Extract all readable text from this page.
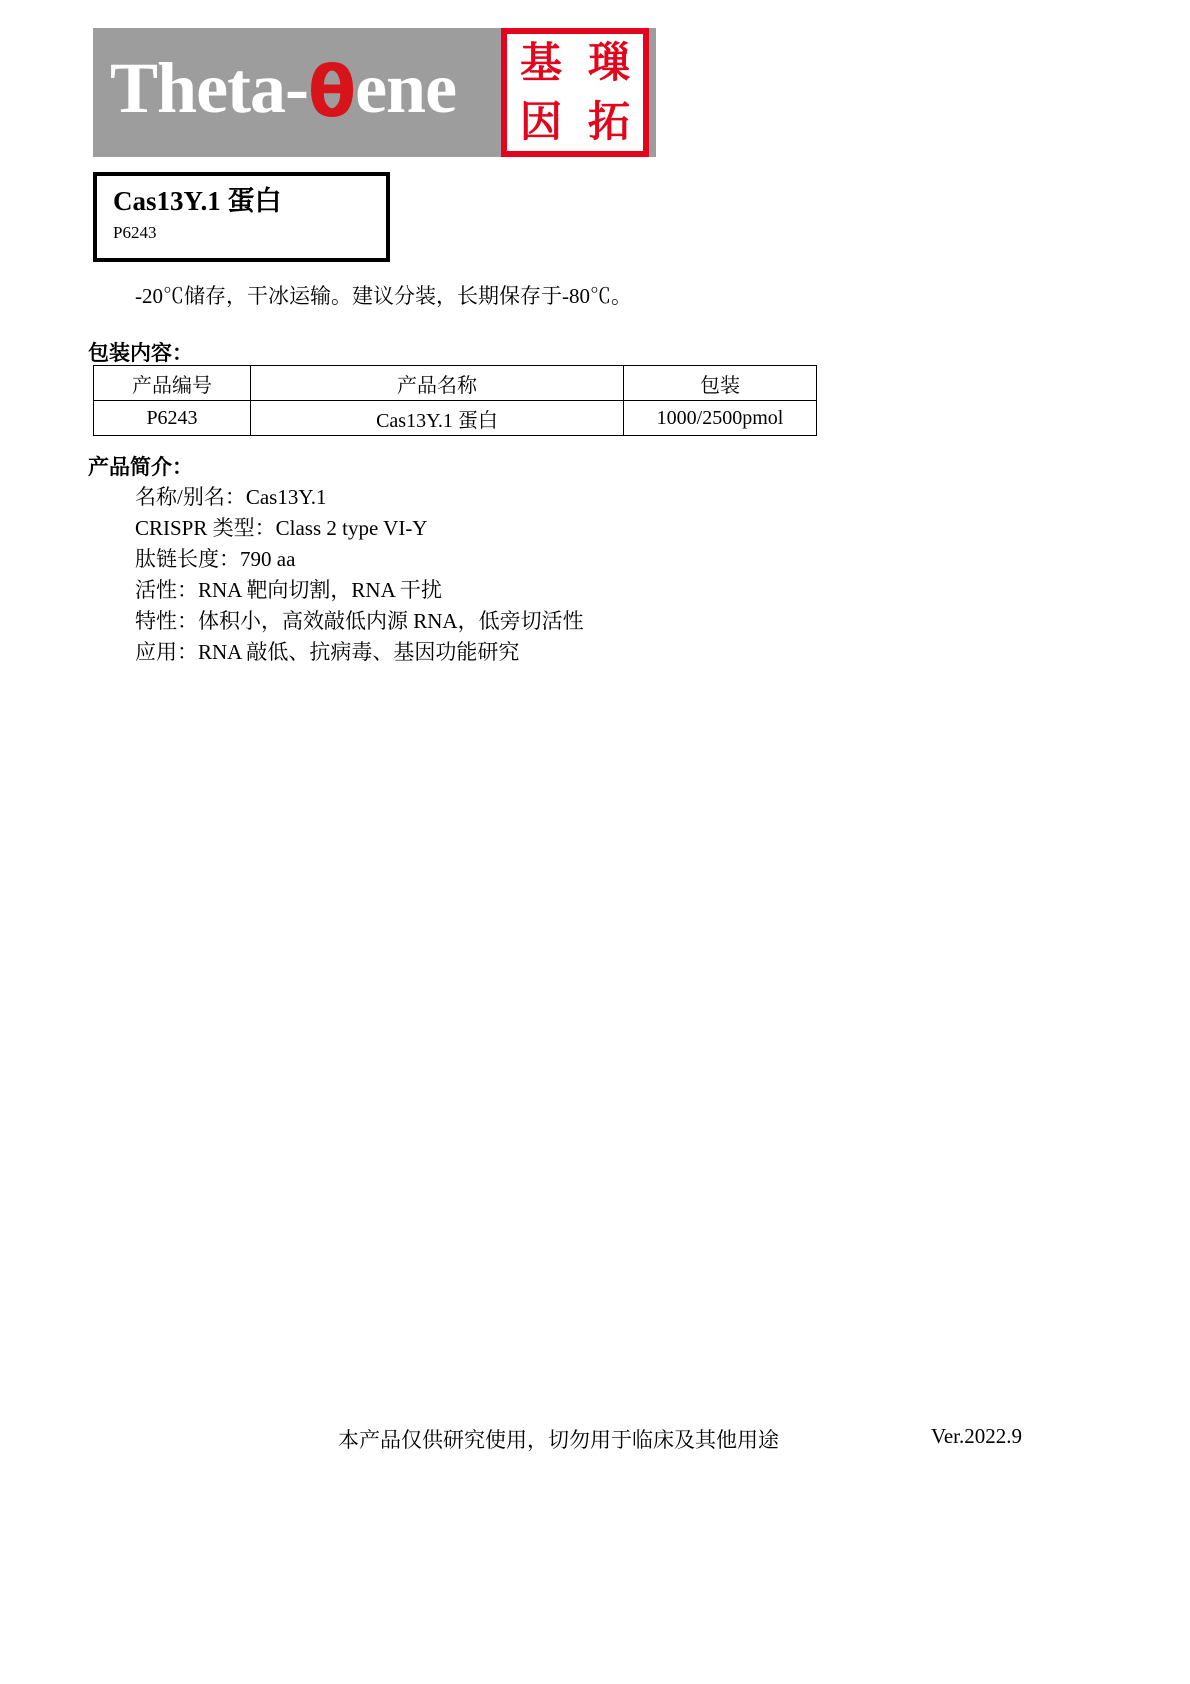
Theta-θene	基 璅
因 拓
Cas13Y.1 蛋白
P6243
-20℃储存，干冰运输。建议分装，长期保存于-80℃。
包装内容：
产品编号	产品名称	包装
P6243	Cas13Y.1 蛋白	1000/2500pmol
产品简介：
名称/别名：Cas13Y.1
CRISPR 类型：Class 2 type VI-Y
肽链长度：790 aa
活性：RNA 靶向切割，RNA 干扰
特性：体积小，高效敲低内源 RNA，低旁切活性
应用：RNA 敲低、抗病毒、基因功能研究
本产品仅供研究使用，切勿用于临床及其他用途	Ver.2022.9
